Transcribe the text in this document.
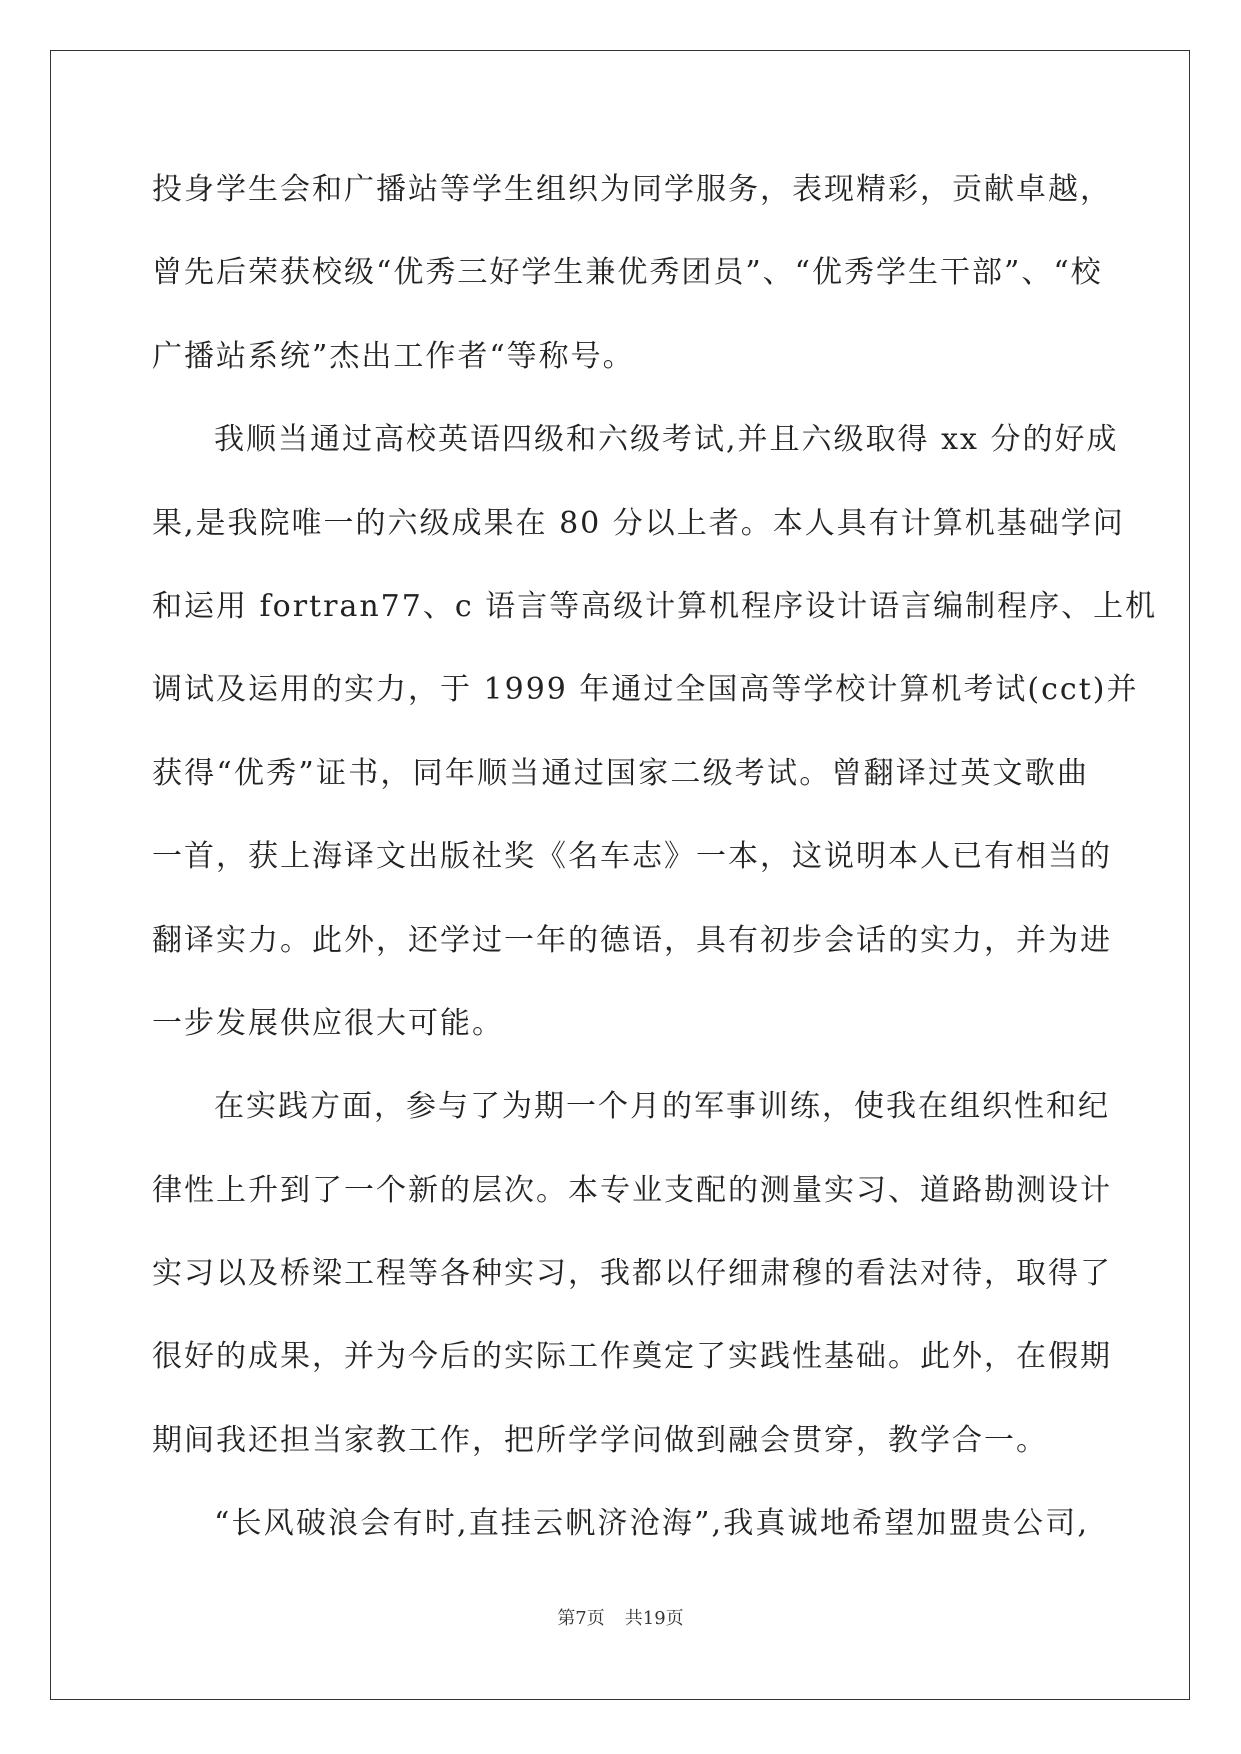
投身学生会和广播站等学生组织为同学服务，表现精彩，贡献卓越，
曾先后荣获校级“优秀三好学生兼优秀团员”、“优秀学生干部”、“校
广播站系统”杰出工作者“等称号。
我顺当通过高校英语四级和六级考试,并且六级取得 xx 分的好成
果,是我院唯一的六级成果在 80 分以上者。本人具有计算机基础学问
和运用 fortran77、c 语言等高级计算机程序设计语言编制程序、上机
调试及运用的实力，于 1999 年通过全国高等学校计算机考试(cct)并
获得“优秀”证书，同年顺当通过国家二级考试。曾翻译过英文歌曲
一首，获上海译文出版社奖《名车志》一本，这说明本人已有相当的
翻译实力。此外，还学过一年的德语，具有初步会话的实力，并为进
一步发展供应很大可能。
在实践方面，参与了为期一个月的军事训练，使我在组织性和纪
律性上升到了一个新的层次。本专业支配的测量实习、道路勘测设计
实习以及桥梁工程等各种实习，我都以仔细肃穆的看法对待，取得了
很好的成果，并为今后的实际工作奠定了实践性基础。此外，在假期
期间我还担当家教工作，把所学学问做到融会贯穿，教学合一。
“长风破浪会有时,直挂云帆济沧海”,我真诚地希望加盟贵公司,
第7页 共19页
